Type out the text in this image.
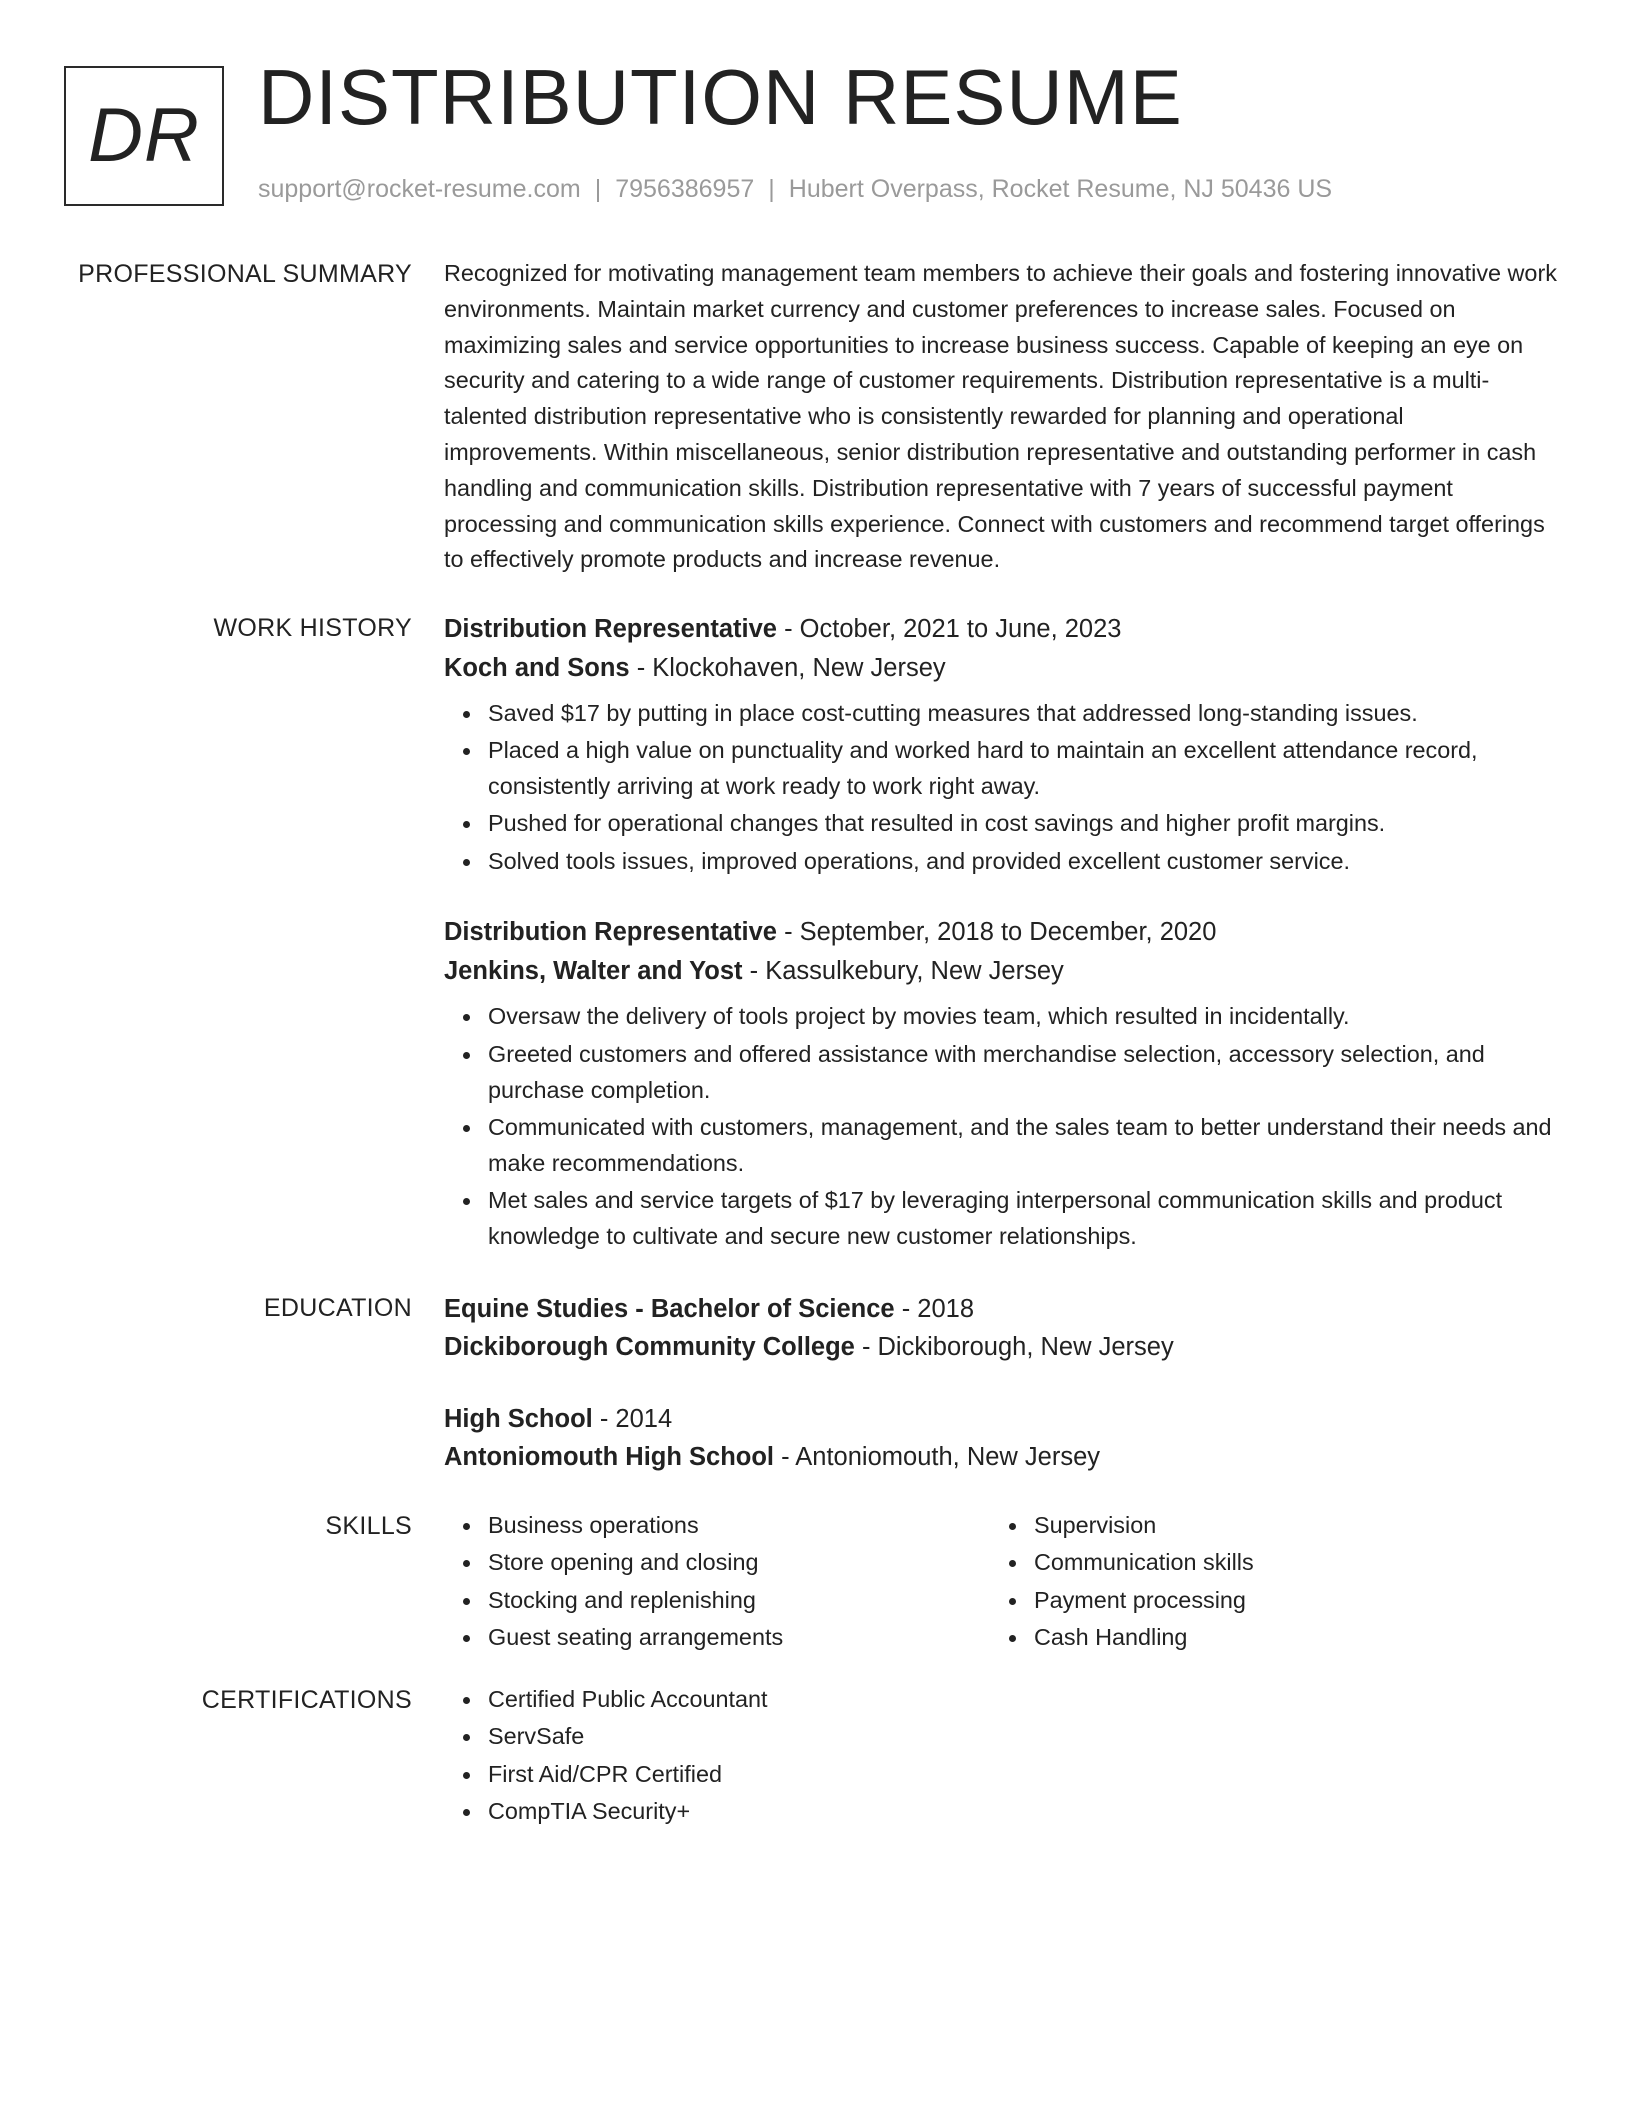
DR DISTRIBUTION RESUME
support@rocket-resume.com | 7956386957 | Hubert Overpass, Rocket Resume, NJ 50436 US
PROFESSIONAL SUMMARY Recognized for motivating management team members to achieve their goals and fostering innovative work environments. Maintain market currency and customer preferences to increase sales. Focused on maximizing sales and service opportunities to increase business success. Capable of keeping an eye on security and catering to a wide range of customer requirements. Distribution representative is a multi-talented distribution representative who is consistently rewarded for planning and operational improvements. Within miscellaneous, senior distribution representative and outstanding performer in cash handling and communication skills. Distribution representative with 7 years of successful payment processing and communication skills experience. Connect with customers and recommend target offerings to effectively promote products and increase revenue.

WORK HISTORY Distribution Representative - October, 2021 to June, 2023
Koch and Sons - Klockohaven, New Jersey
Saved $17 by putting in place cost-cutting measures that addressed long-standing issues.
Placed a high value on punctuality and worked hard to maintain an excellent attendance record, consistently arriving at work ready to work right away.
Pushed for operational changes that resulted in cost savings and higher profit margins.
Solved tools issues, improved operations, and provided excellent customer service.
Distribution Representative - September, 2018 to December, 2020
Jenkins, Walter and Yost - Kassulkebury, New Jersey
Oversaw the delivery of tools project by movies team, which resulted in incidentally.
Greeted customers and offered assistance with merchandise selection, accessory selection, and purchase completion.
Communicated with customers, management, and the sales team to better understand their needs and make recommendations.
Met sales and service targets of $17 by leveraging interpersonal communication skills and product knowledge to cultivate and secure new customer relationships.
EDUCATION Equine Studies - Bachelor of Science - 2018
Dickiborough Community College - Dickiborough, New Jersey
High School - 2014
Antoniomouth High School - Antoniomouth, New Jersey
SKILLS	Business operations
Store opening and closing
Stocking and replenishing
Guest seating arrangements
Supervision
Communication skills
Payment processing
Cash Handling
CERTIFICATIONS	Certified Public Accountant
ServSafe
First Aid/CPR Certified
CompTIA Security+
